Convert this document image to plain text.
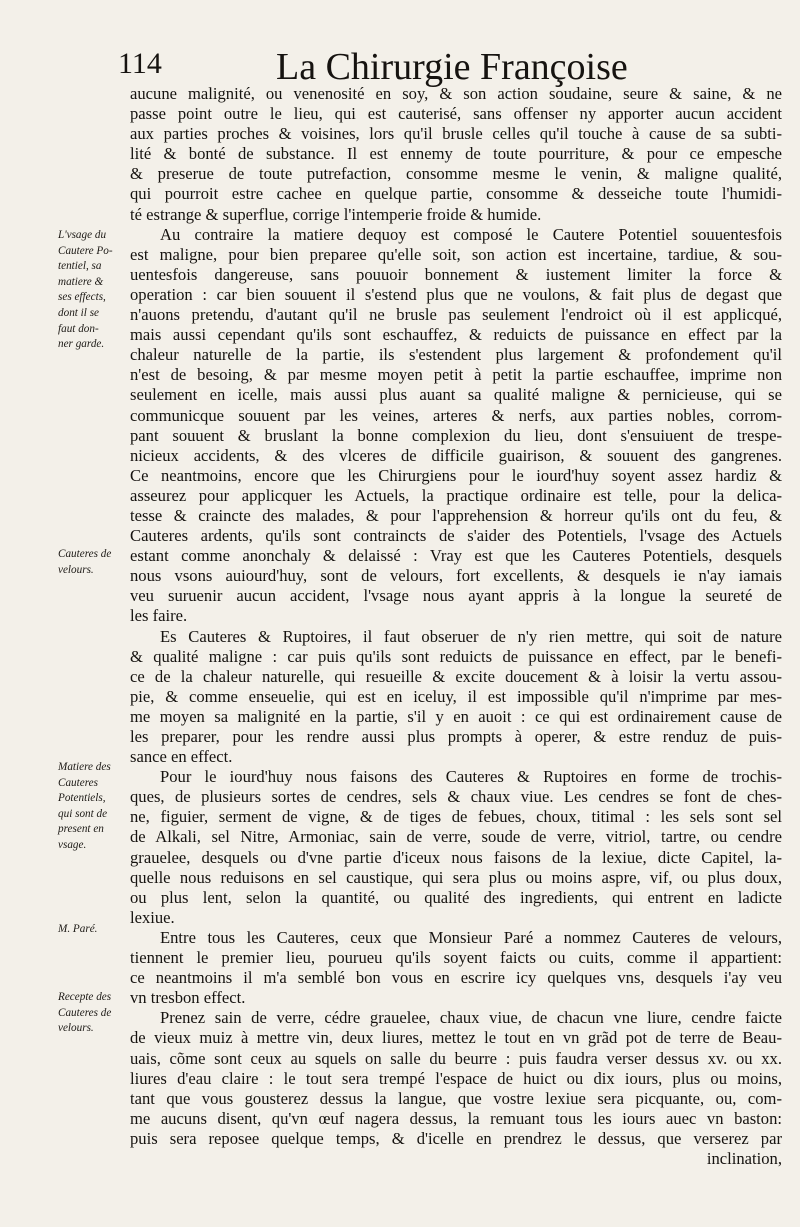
114	La Chirurgie Françoise
L'vsage du
Cautere Po-
tentiel, sa
matiere &
ses effects,
dont il se
faut don-
ner garde.
Cauteres de
velours.
Matiere des
Cauteres
Potentiels,
qui sont de
present en
vsage.
M. Paré.
Recepte des
Cauteres de
velours.
aucune malignité, ou venenosité en soy, & son action soudaine, seure & saine, & ne
passe point outre le lieu, qui est cauterisé, sans offenser ny apporter aucun accident
aux parties proches & voisines, lors qu'il brusle celles qu'il touche à cause de sa subti-
lité & bonté de substance. Il est ennemy de toute pourriture, & pour ce empesche
& preserue de toute putrefaction, consomme mesme le venin, & maligne qualité,
qui pourroit estre cachee en quelque partie, consomme & desseiche toute l'humidi-
té estrange & superflue, corrige l'intemperie froide & humide.
Au contraire la matiere dequoy est composé le Cautere Potentiel souuentesfois
est maligne, pour bien preparee qu'elle soit, son action est incertaine, tardiue, & sou-
uentesfois dangereuse, sans pouuoir bonnement & iustement limiter la force &
operation : car bien souuent il s'estend plus que ne voulons, & fait plus de degast que
n'auons pretendu, d'autant qu'il ne brusle pas seulement l'endroict où il est applicqué,
mais aussi cependant qu'ils sont eschauffez, & reduicts de puissance en effect par la
chaleur naturelle de la partie, ils s'estendent plus largement & profondement qu'il
n'est de besoing, & par mesme moyen petit à petit la partie eschauffee, imprime non
seulement en icelle, mais aussi plus auant sa qualité maligne & pernicieuse, qui se
communicque souuent par les veines, arteres & nerfs, aux parties nobles, corrom-
pant souuent & bruslant la bonne complexion du lieu, dont s'ensuiuent de trespe-
nicieux accidents, & des vlceres de difficile guairison, & souuent des gangrenes.
Ce neantmoins, encore que les Chirurgiens pour le iourd'huy soyent assez hardiz &
asseurez pour applicquer les Actuels, la practique ordinaire est telle, pour la delica-
tesse & craincte des malades, & pour l'apprehension & horreur qu'ils ont du feu, &
Cauteres ardents, qu'ils sont contraincts de s'aider des Potentiels, l'vsage des Actuels
estant comme anonchaly & delaissé : Vray est que les Cauteres Potentiels, desquels
nous vsons auiourd'huy, sont de velours, fort excellents, & desquels ie n'ay iamais
veu suruenir aucun accident, l'vsage nous ayant appris à la longue la seureté de
les faire.
Es Cauteres & Ruptoires, il faut obseruer de n'y rien mettre, qui soit de nature
& qualité maligne : car puis qu'ils sont reduicts de puissance en effect, par le benefi-
ce de la chaleur naturelle, qui resueille & excite doucement & à loisir la vertu assou-
pie, & comme enseuelie, qui est en iceluy, il est impossible qu'il n'imprime par mes-
me moyen sa malignité en la partie, s'il y en auoit : ce qui est ordinairement cause de
les preparer, pour les rendre aussi plus prompts à operer, & estre renduz de puis-
sance en effect.
Pour le iourd'huy nous faisons des Cauteres & Ruptoires en forme de trochis-
ques, de plusieurs sortes de cendres, sels & chaux viue. Les cendres se font de ches-
ne, figuier, serment de vigne, & de tiges de febues, choux, titimal : les sels sont sel
de Alkali, sel Nitre, Armoniac, sain de verre, soude de verre, vitriol, tartre, ou cendre
grauelee, desquels ou d'vne partie d'iceux nous faisons de la lexiue, dicte Capitel, la-
quelle nous reduisons en sel caustique, qui sera plus ou moins aspre, vif, ou plus doux,
ou plus lent, selon la quantité, ou qualité des ingredients, qui entrent en ladicte
lexiue.
Entre tous les Cauteres, ceux que Monsieur Paré a nommez Cauteres de velours,
tiennent le premier lieu, pourueu qu'ils soyent faicts ou cuits, comme il appartient:
ce neantmoins il m'a semblé bon vous en escrire icy quelques vns, desquels i'ay veu
vn tresbon effect.
Prenez sain de verre, cédre grauelee, chaux viue, de chacun vne liure, cendre faicte
de vieux muiz à mettre vin, deux liures, mettez le tout en vn grãd pot de terre de Beau-
uais, cõme sont ceux au squels on salle du beurre : puis faudra verser dessus xv. ou xx.
liures d'eau claire : le tout sera trempé l'espace de huict ou dix iours, plus ou moins,
tant que vous gousterez dessus la langue, que vostre lexiue sera picquante, ou, com-
me aucuns disent, qu'vn œuf nagera dessus, la remuant tous les iours auec vn baston:
puis sera reposee quelque temps, & d'icelle en prendrez le dessus, que verserez par
inclination,
